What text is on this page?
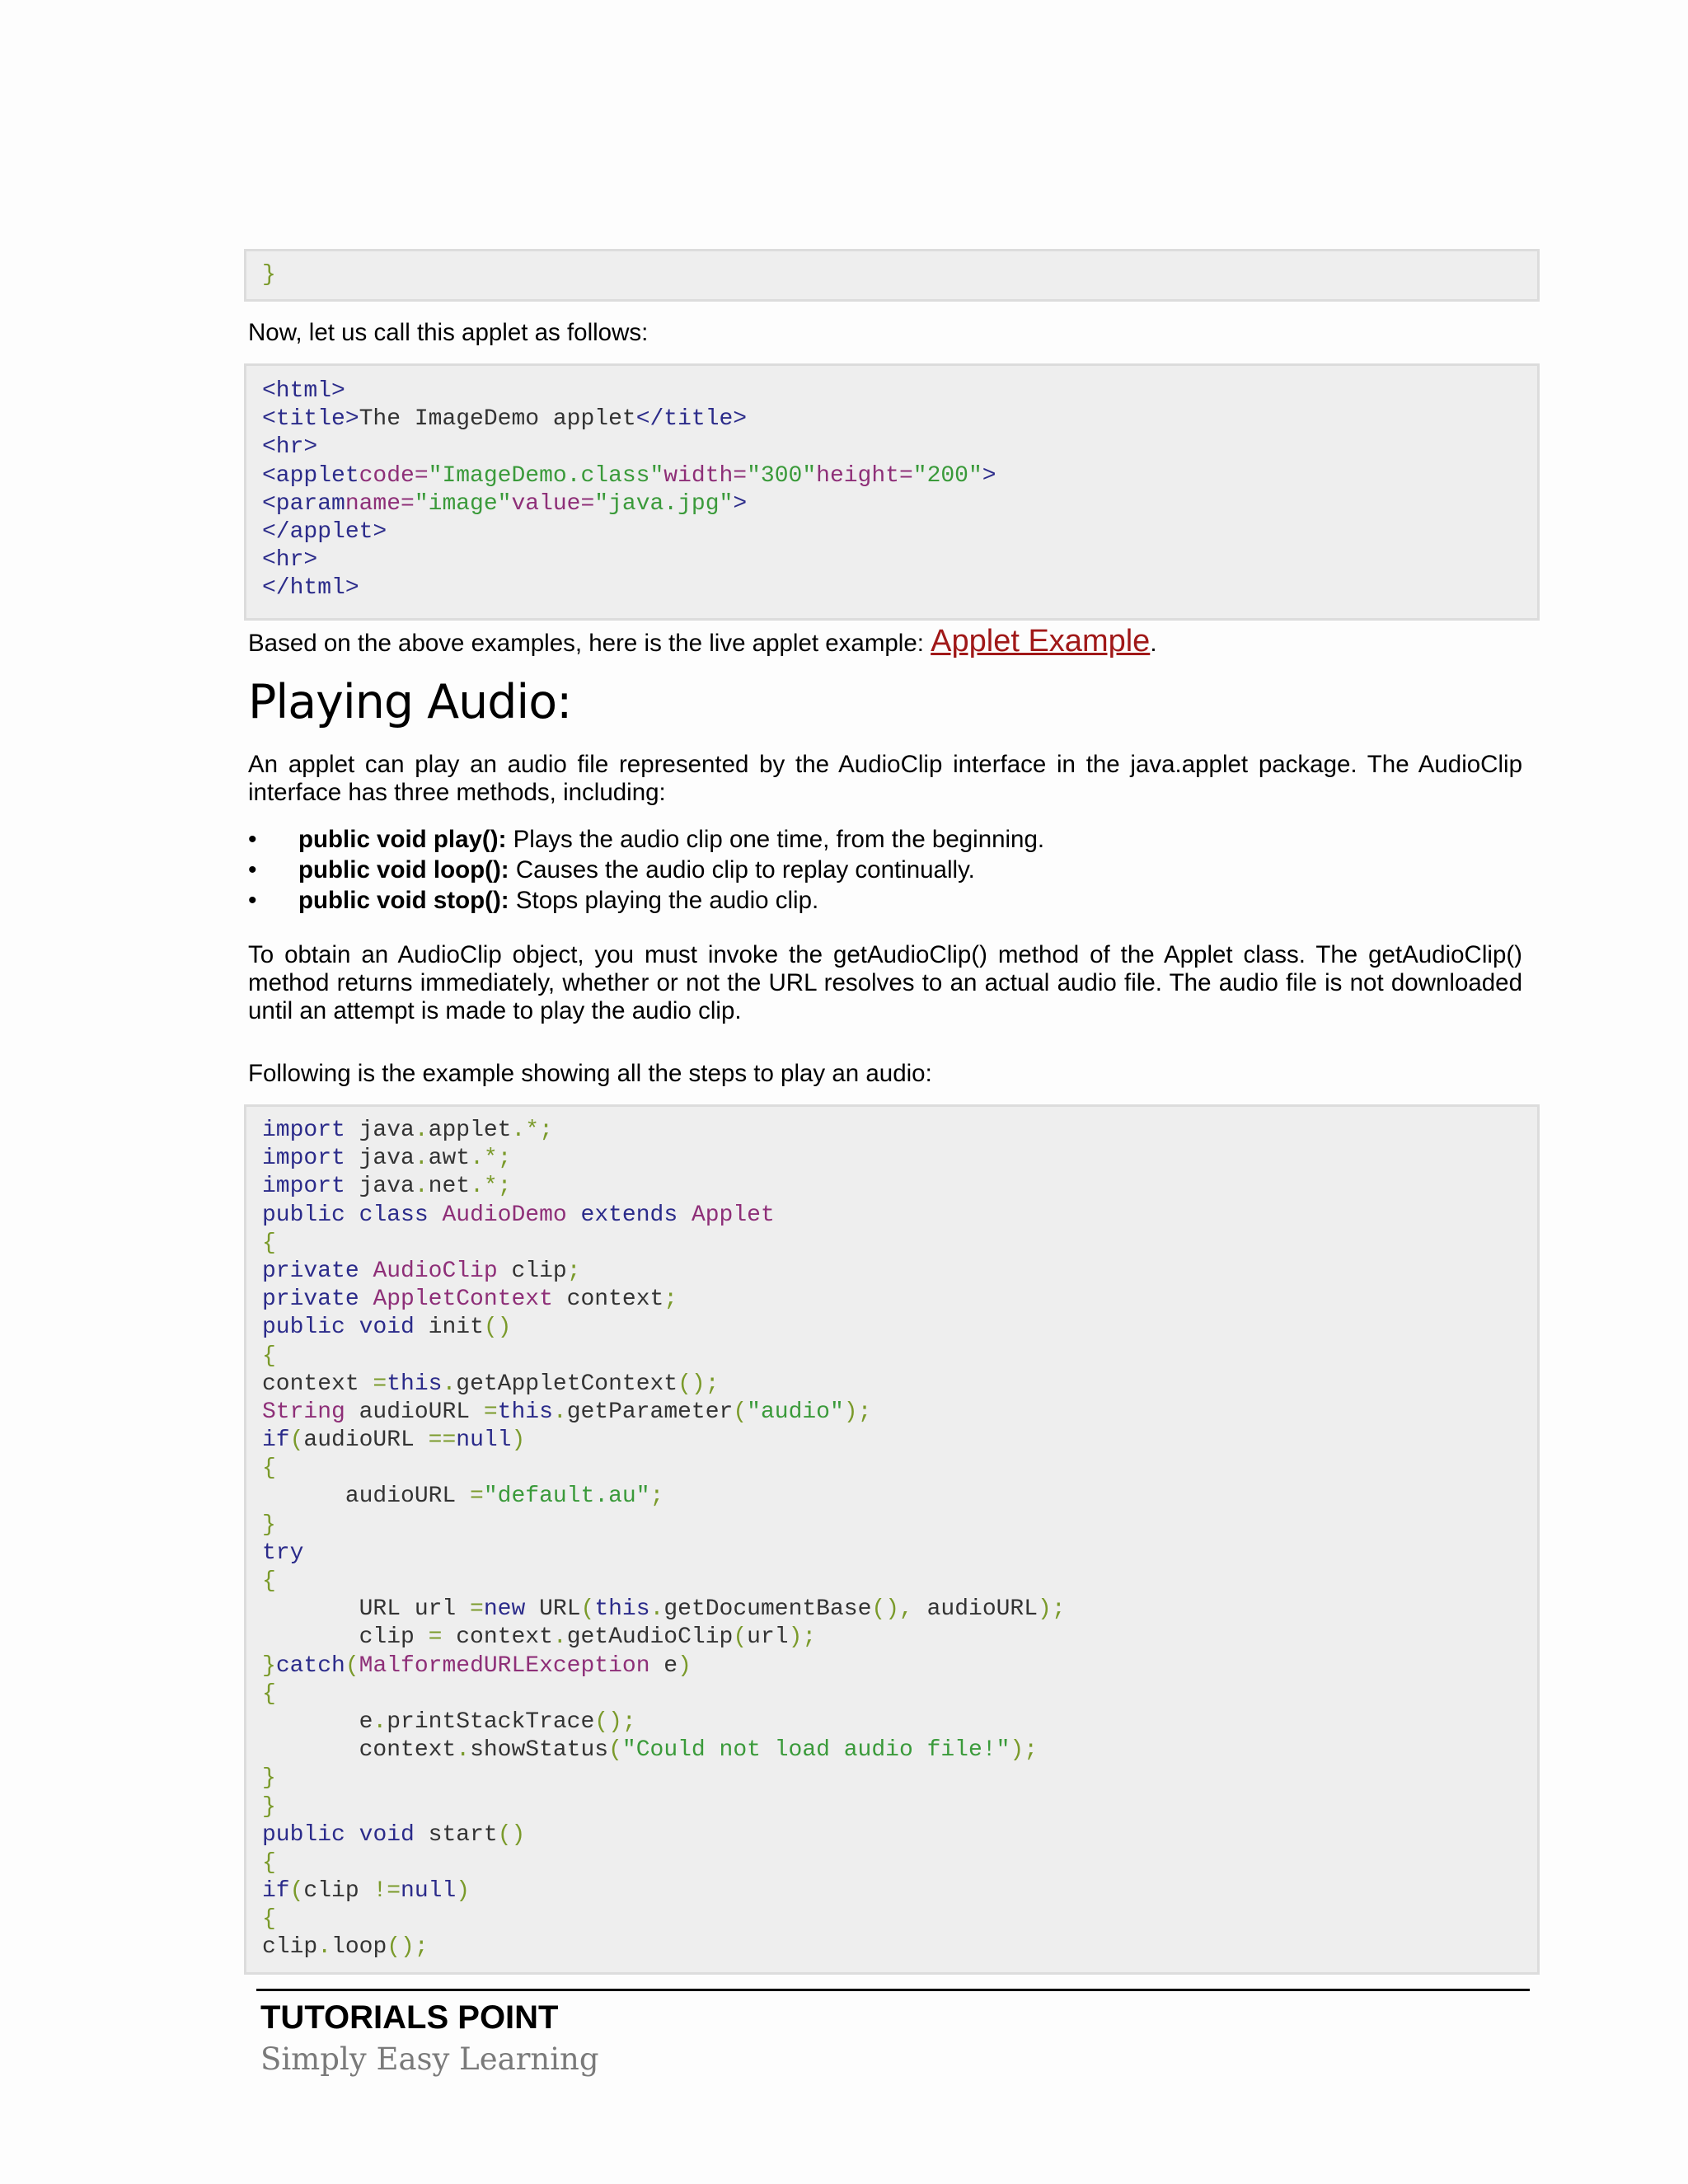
}
Now, let us call this applet as follows:
<html>
<title>The ImageDemo applet</title>
<hr>
<appletcode="ImageDemo.class"width="300"height="200">
<paramname="image"value="java.jpg">
</applet>
<hr>
</html>
Based on the above examples, here is the live applet example: Applet Example.
Playing Audio:
An applet can play an audio file represented by the AudioClip interface in the java.applet package. The AudioClip interface has three methods, including:
• public void play(): Plays the audio clip one time, from the beginning.
• public void loop(): Causes the audio clip to replay continually.
• public void stop(): Stops playing the audio clip.
To obtain an AudioClip object, you must invoke the getAudioClip() method of the Applet class. The getAudioClip() method returns immediately, whether or not the URL resolves to an actual audio file. The audio file is not downloaded until an attempt is made to play the audio clip.
Following is the example showing all the steps to play an audio:
import java.applet.*;
import java.awt.*;
import java.net.*;
public class AudioDemo extends Applet
{
private AudioClip clip;
private AppletContext context;
public void init()
{
context =this.getAppletContext();
String audioURL =this.getParameter("audio");
if(audioURL ==null)
{
audioURL ="default.au";
}
try
{
URL url =new URL(this.getDocumentBase(), audioURL);
clip = context.getAudioClip(url);
}catch(MalformedURLException e)
{
e.printStackTrace();
context.showStatus("Could not load audio file!");
}
}
public void start()
{
if(clip !=null)
{
clip.loop();
TUTORIALS POINT
Simply Easy Learning
